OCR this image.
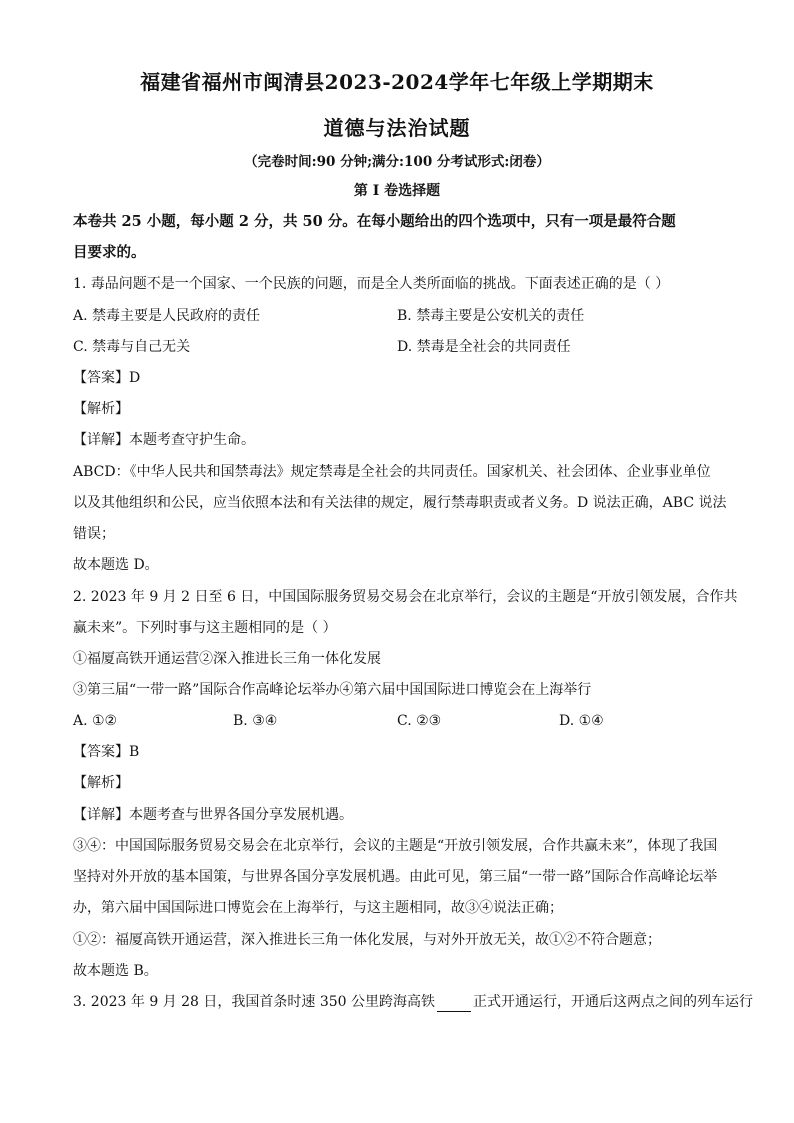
福建省福州市闽清县2023-2024学年七年级上学期期末
道德与法治试题
（完卷时间:90 分钟;满分:100 分考试形式:闭卷）
第 I 卷选择题
本卷共 25 小题，每小题 2 分，共 50 分。在每小题给出的四个选项中，只有一项是最符合题
目要求的。
1. 毒品问题不是一个国家、一个民族的问题，而是全人类所面临的挑战。下面表述正确的是（ ）
A. 禁毒主要是人民政府的责任	B. 禁毒主要是公安机关的责任
C. 禁毒与自己无关	D. 禁毒是全社会的共同责任
【答案】D
【解析】
【详解】本题考查守护生命。
ABCD：《中华人民共和国禁毒法》规定禁毒是全社会的共同责任。国家机关、社会团体、企业事业单位
以及其他组织和公民，应当依照本法和有关法律的规定，履行禁毒职责或者义务。D 说法正确，ABC 说法
错误；
故本题选 D。
2. 2023 年 9 月 2 日至 6 日，中国国际服务贸易交易会在北京举行，会议的主题是“开放引领发展，合作共
赢未来”。下列时事与这主题相同的是（ ）
①福厦高铁开通运营②深入推进长三角一体化发展
③第三届“一带一路”国际合作高峰论坛举办④第六届中国国际进口博览会在上海举行
A. ①②	B. ③④	C. ②③	D. ①④
【答案】B
【解析】
【详解】本题考查与世界各国分享发展机遇。
③④：中国国际服务贸易交易会在北京举行，会议的主题是“开放引领发展，合作共赢未来”，体现了我国
坚持对外开放的基本国策，与世界各国分享发展机遇。由此可见，第三届“一带一路”国际合作高峰论坛举
办，第六届中国国际进口博览会在上海举行，与这主题相同，故③④说法正确；
①②：福厦高铁开通运营，深入推进长三角一体化发展，与对外开放无关，故①②不符合题意；
故本题选 B。
3. 2023 年 9 月 28 日，我国首条时速 350 公里跨海高铁	正式开通运行，开通后这两点之间的列车运行
